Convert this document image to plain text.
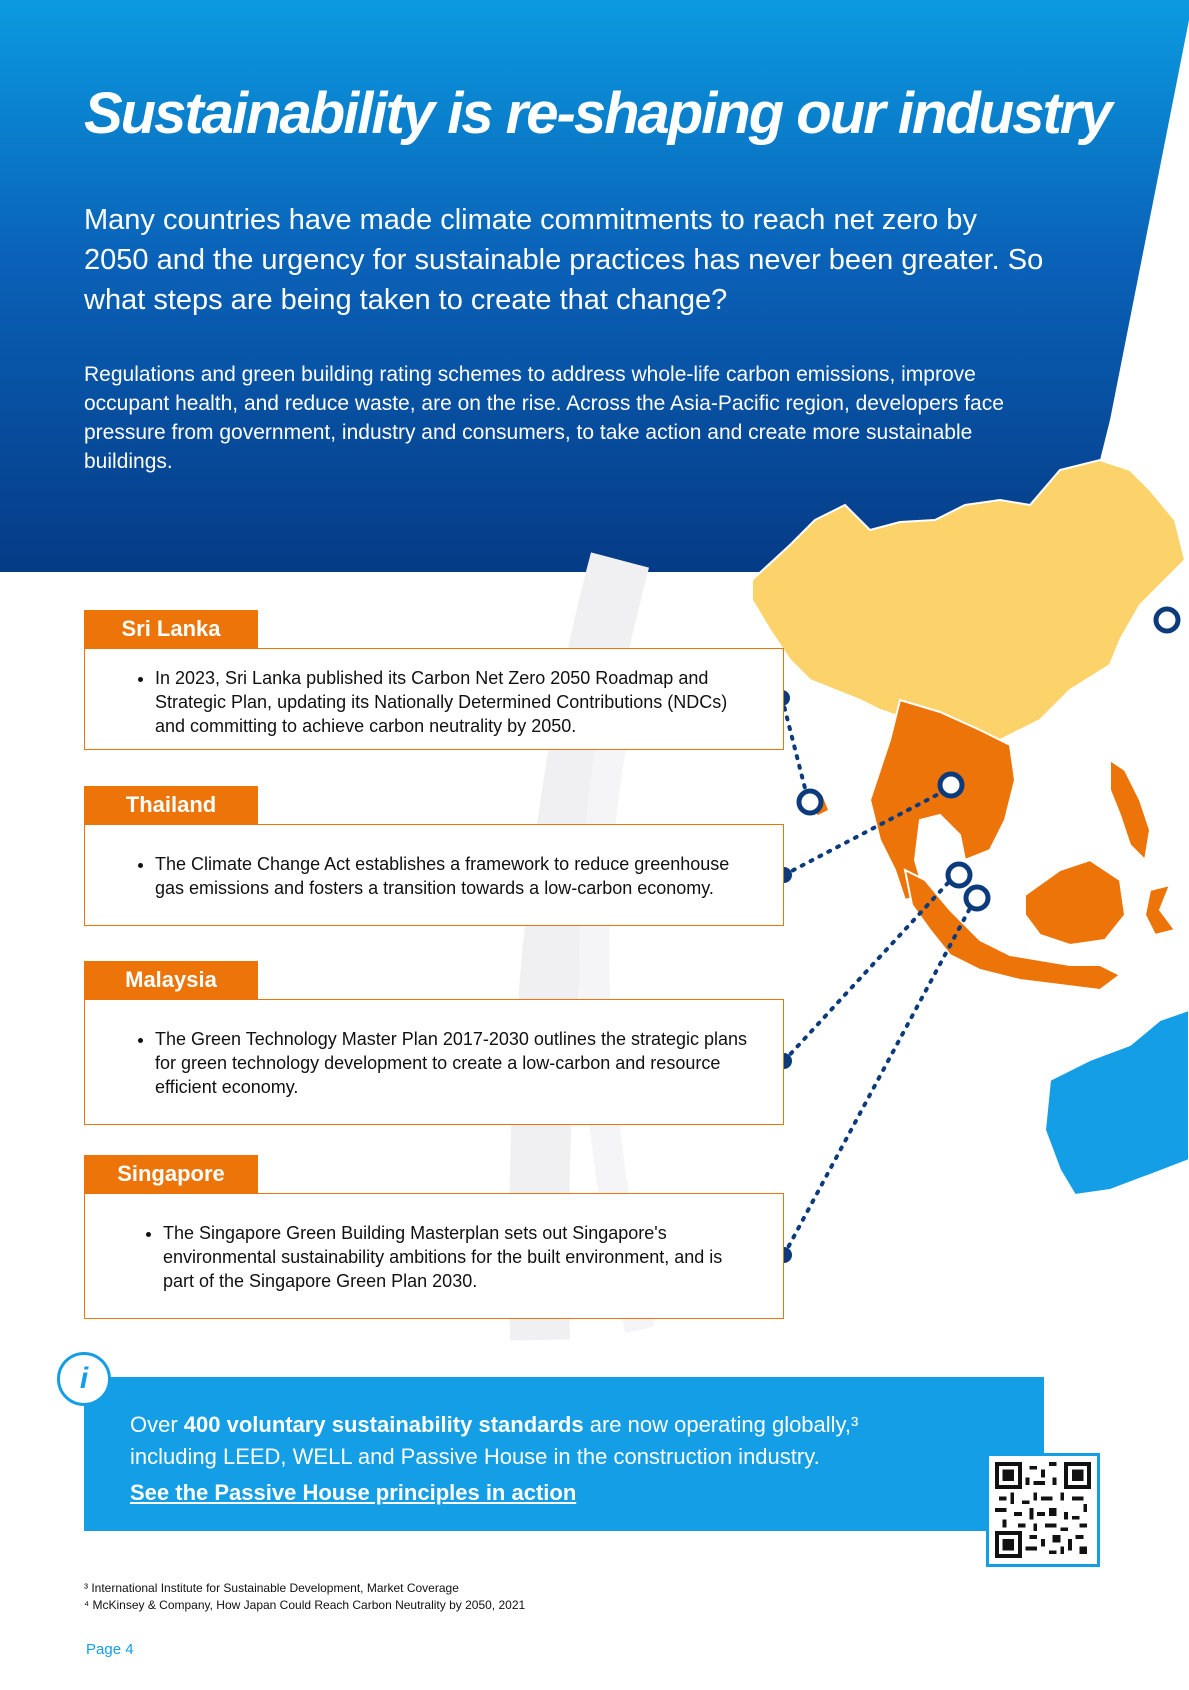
Sustainability is re-shaping our industry

Many countries have made climate commitments to reach net zero by 2050 and the urgency for sustainable practices has never been greater. So what steps are being taken to create that change?

Regulations and green building rating schemes to address whole-life carbon emissions, improve occupant health, and reduce waste, are on the rise. Across the Asia-Pacific region, developers face pressure from government, industry and consumers, to take action and create more sustainable buildings.

Sri Lanka
• In 2023, Sri Lanka published its Carbon Net Zero 2050 Roadmap and Strategic Plan, updating its Nationally Determined Contributions (NDCs) and committing to achieve carbon neutrality by 2050.
Thailand
• The Climate Change Act establishes a framework to reduce greenhouse gas emissions and fosters a transition towards a low-carbon economy.
Malaysia
• The Green Technology Master Plan 2017-2030 outlines the strategic plans for green technology development to create a low-carbon and resource efficient economy.
Singapore
• The Singapore Green Building Masterplan sets out Singapore's environmental sustainability ambitions for the built environment, and is part of the Singapore Green Plan 2030.
Over 400 voluntary sustainability standards are now operating globally,³
including LEED, WELL and Passive House in the construction industry.
See the Passive House principles in action
i
³ International Institute for Sustainable Development, Market Coverage
⁴ McKinsey & Company, How Japan Could Reach Carbon Neutrality by 2050, 2021
Page 4
